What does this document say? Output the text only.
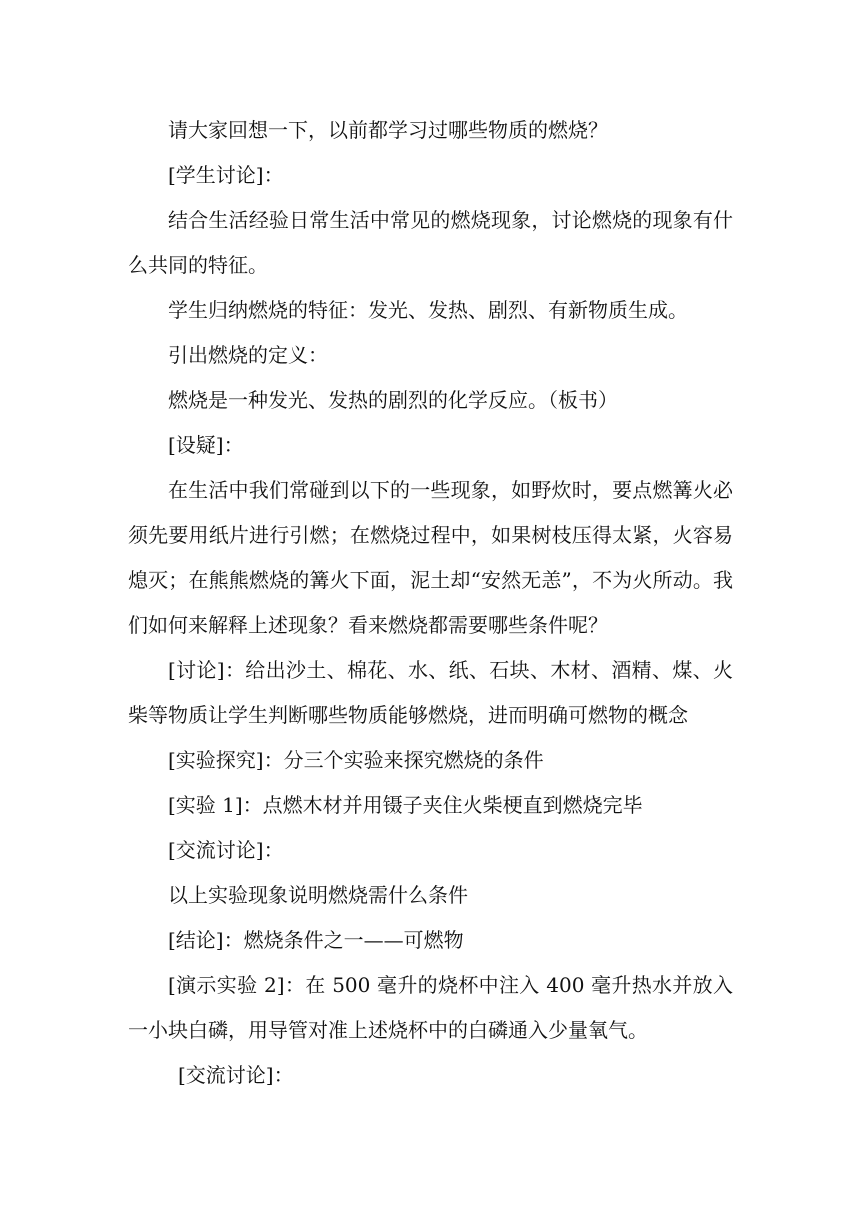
请大家回想一下，以前都学习过哪些物质的燃烧？

[学生讨论]：

结合生活经验日常生活中常见的燃烧现象，讨论燃烧的现象有什么共同的特征。

学生归纳燃烧的特征：发光、发热、剧烈、有新物质生成。

引出燃烧的定义：

燃烧是一种发光、发热的剧烈的化学反应。（板书）

[设疑]：

在生活中我们常碰到以下的一些现象，如野炊时，要点燃篝火必须先要用纸片进行引燃；在燃烧过程中，如果树枝压得太紧，火容易熄灭；在熊熊燃烧的篝火下面，泥土却“安然无恙”，不为火所动。我们如何来解释上述现象？看来燃烧都需要哪些条件呢？

[讨论]：给出沙土、棉花、水、纸、石块、木材、酒精、煤、火柴等物质让学生判断哪些物质能够燃烧，进而明确可燃物的概念

[实验探究]：分三个实验来探究燃烧的条件

[实验 1]：点燃木材并用镊子夹住火柴梗直到燃烧完毕

[交流讨论]：

以上实验现象说明燃烧需什么条件

[结论]：燃烧条件之一——可燃物

[演示实验 2]：在 500 毫升的烧杯中注入 400 毫升热水并放入一小块白磷，用导管对准上述烧杯中的白磷通入少量氧气。

[交流讨论]：
